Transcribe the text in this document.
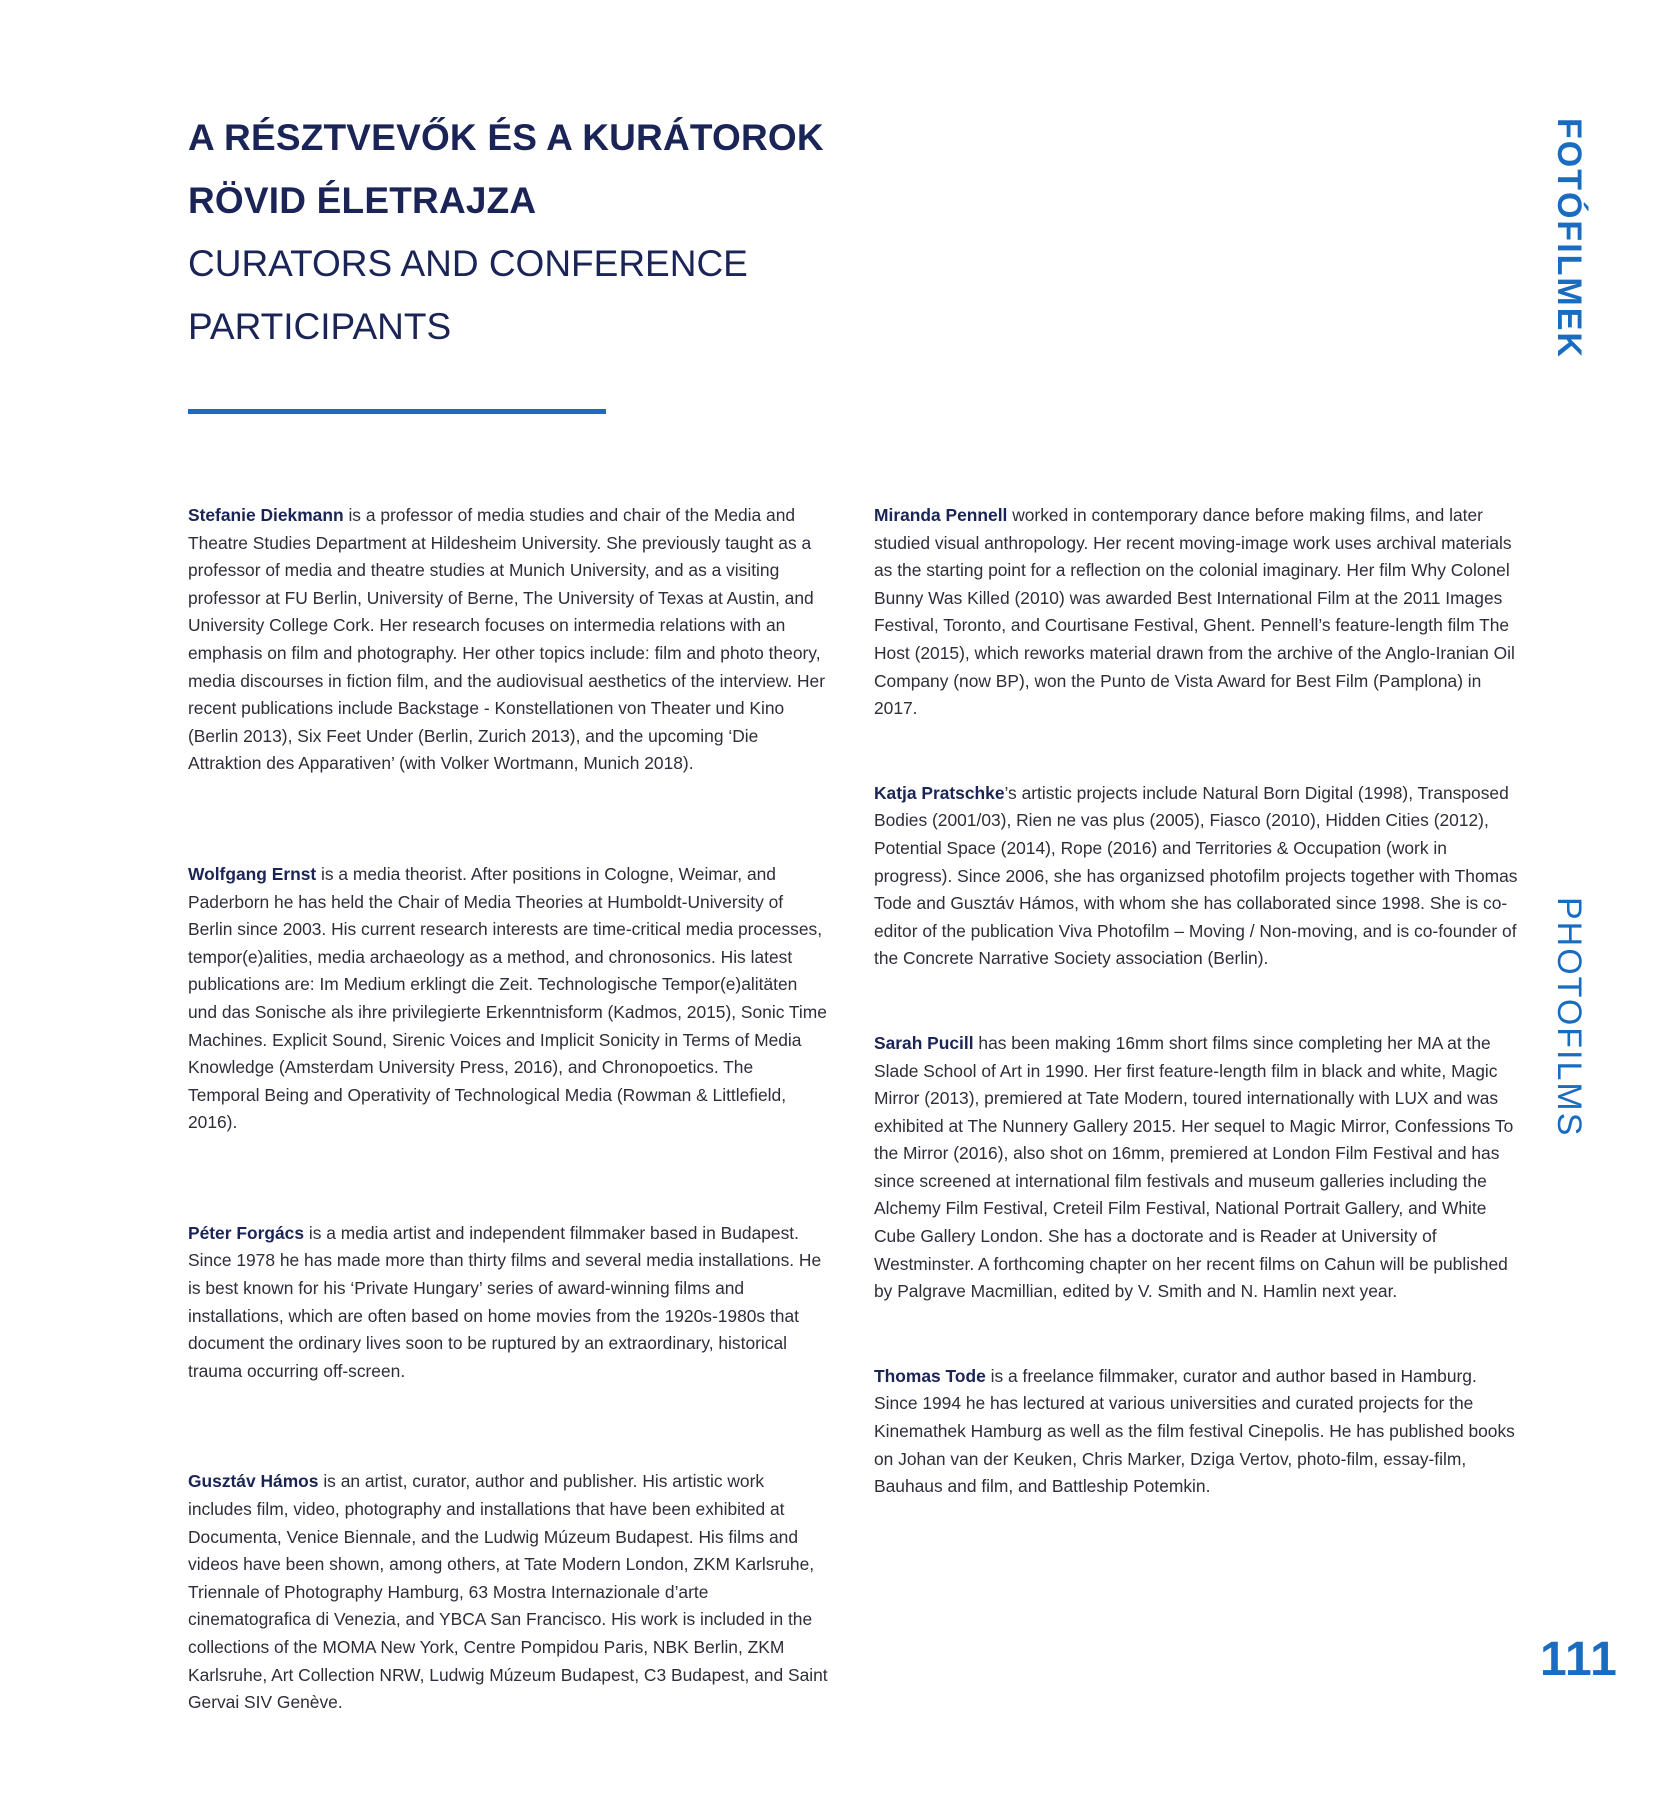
A RÉSZTVEVŐK ÉS A KURÁTOROK
RÖVID ÉLETRAJZA
CURATORS AND CONFERENCE
PARTICIPANTS	FOTÓFILMEK
PHOTOFILMS

Stefanie Diekmann is a professor of media studies and chair of the Media and Theatre Studies Department at Hildesheim University. She previously taught as a professor of media and theatre studies at Munich University, and as a visiting professor at FU Berlin, University of Berne, The University of Texas at Austin, and University College Cork. Her research focuses on intermedia relations with an emphasis on film and photography. Her other topics include: film and photo theory, media discourses in fiction film, and the audiovisual aesthetics of the interview. Her recent publications include Backstage - Konstellationen von Theater und Kino (Berlin 2013), Six Feet Under (Berlin, Zurich 2013), and the upcoming ‘Die Attraktion des Apparativen’ (with Volker Wortmann, Munich 2018).

Wolfgang Ernst is a media theorist. After positions in Cologne, Weimar, and Paderborn he has held the Chair of Media Theories at Humboldt-University of Berlin since 2003. His current research interests are time-critical media processes, tempor(e)alities, media archaeology as a method, and chronosonics. His latest publications are: Im Medium erklingt die Zeit. Technologische Tempor(e)alitäten und das Sonische als ihre privilegierte Erkenntnisform (Kadmos, 2015), Sonic Time Machines. Explicit Sound, Sirenic Voices and Implicit Sonicity in Terms of Media Knowledge (Amsterdam University Press, 2016), and Chronopoetics. The Temporal Being and Operativity of Technological Media (Rowman & Littlefield, 2016).

Péter Forgács is a media artist and independent filmmaker based in Budapest. Since 1978 he has made more than thirty films and several media installations. He is best known for his ‘Private Hungary’ series of award-winning films and installations, which are often based on home movies from the 1920s-1980s that document the ordinary lives soon to be ruptured by an extraordinary, historical trauma occurring off-screen.

Gusztáv Hámos is an artist, curator, author and publisher. His artistic work includes film, video, photography and installations that have been exhibited at Documenta, Venice Biennale, and the Ludwig Múzeum Budapest. His films and videos have been shown, among others, at Tate Modern London, ZKM Karlsruhe, Triennale of Photography Hamburg, 63 Mostra Internazionale d’arte cinematografica di Venezia, and YBCA San Francisco. His work is included in the collections of the MOMA New York, Centre Pompidou Paris, NBK Berlin, ZKM Karlsruhe, Art Collection NRW, Ludwig Múzeum Budapest, C3 Budapest, and Saint Gervai SIV Genève.

Miranda Pennell worked in contemporary dance before making films, and later studied visual anthropology. Her recent moving-image work uses archival materials as the starting point for a reflection on the colonial imaginary. Her film Why Colonel Bunny Was Killed (2010) was awarded Best International Film at the 2011 Images Festival, Toronto, and Courtisane Festival, Ghent. Pennell’s feature-length film The Host (2015), which reworks material drawn from the archive of the Anglo-Iranian Oil Company (now BP), won the Punto de Vista Award for Best Film (Pamplona) in 2017.

Katja Pratschke’s artistic projects include Natural Born Digital (1998), Transposed Bodies (2001/03), Rien ne vas plus (2005), Fiasco (2010), Hidden Cities (2012), Potential Space (2014), Rope (2016) and Territories & Occupation (work in progress). Since 2006, she has organizsed photofilm projects together with Thomas Tode and Gusztáv Hámos, with whom she has collaborated since 1998. She is co-editor of the publication Viva Photofilm – Moving / Non-moving, and is co-founder of the Concrete Narrative Society association (Berlin).

Sarah Pucill has been making 16mm short films since completing her MA at the Slade School of Art in 1990. Her first feature-length film in black and white, Magic Mirror (2013), premiered at Tate Modern, toured internationally with LUX and was exhibited at The Nunnery Gallery 2015. Her sequel to Magic Mirror, Confessions To the Mirror (2016), also shot on 16mm, premiered at London Film Festival and has since screened at international film festivals and museum galleries including the Alchemy Film Festival, Creteil Film Festival, National Portrait Gallery, and White Cube Gallery London. She has a doctorate and is Reader at University of Westminster. A forthcoming chapter on her recent films on Cahun will be published by Palgrave Macmillian, edited by V. Smith and N. Hamlin next year.

Thomas Tode is a freelance filmmaker, curator and author based in Hamburg. Since 1994 he has lectured at various universities and curated projects for the Kinemathek Hamburg as well as the film festival Cinepolis. He has published books on Johan van der Keuken, Chris Marker, Dziga Vertov, photo-film, essay-film, Bauhaus and film, and Battleship Potemkin.

111
